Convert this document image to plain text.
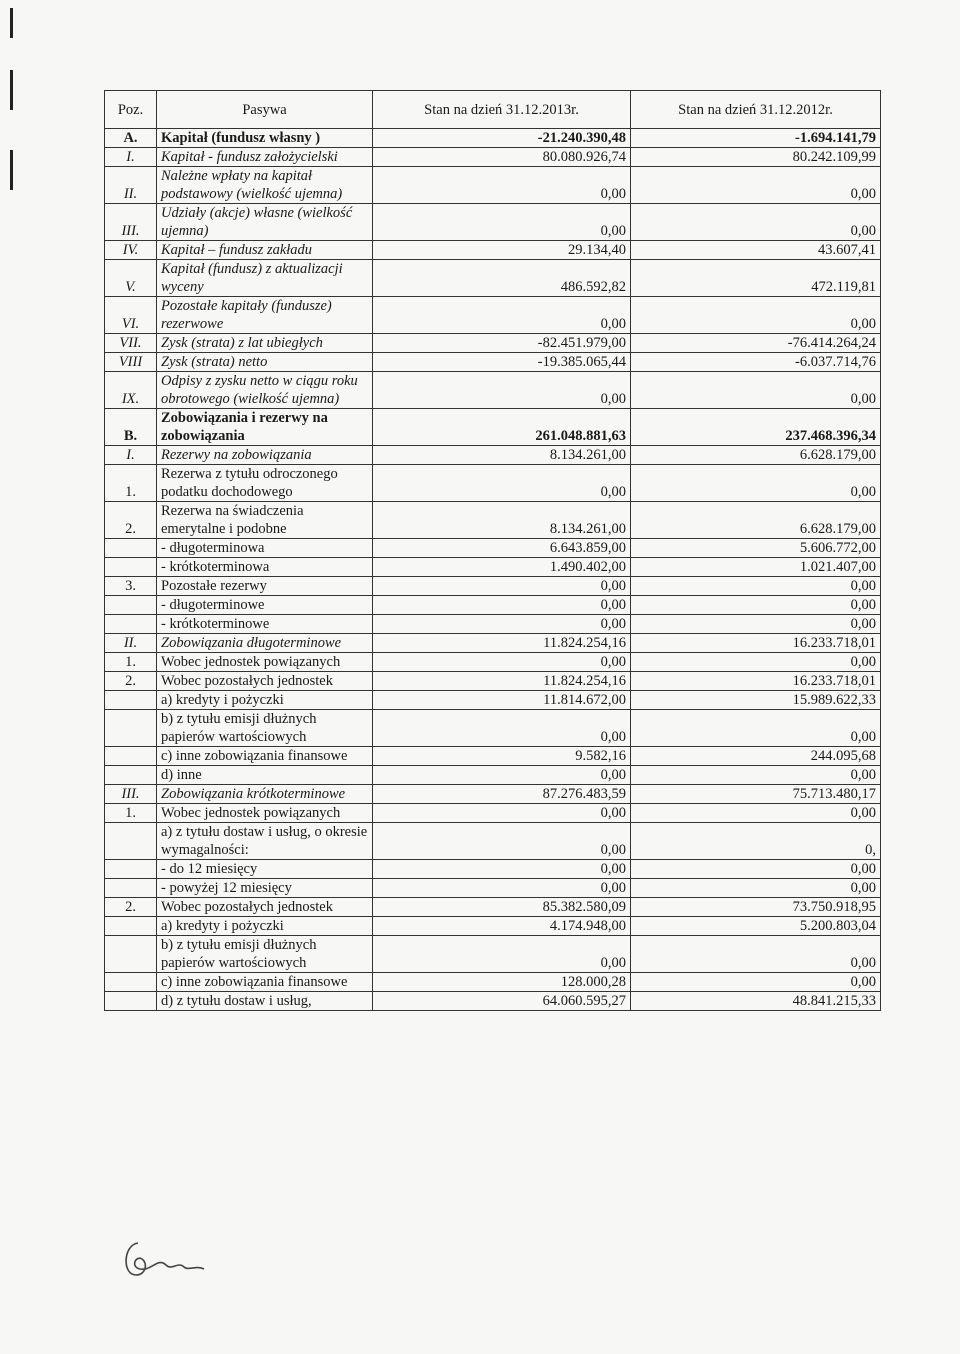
Poz.	Pasywa	Stan na dzień 31.12.2013r.	Stan na dzień 31.12.2012r.
A.	Kapitał (fundusz własny )	-21.240.390,48	-1.694.141,79
I.	Kapitał - fundusz założycielski	80.080.926,74	80.242.109,99
II.	Należne wpłaty na kapitał podstawowy (wielkość ujemna)	0,00	0,00
III.	Udziały (akcje) własne (wielkość ujemna)	0,00	0,00
IV.	Kapitał – fundusz zakładu	29.134,40	43.607,41
V.	Kapitał (fundusz) z aktualizacji wyceny	486.592,82	472.119,81
VI.	Pozostałe kapitały (fundusze) rezerwowe	0,00	0,00
VII.	Zysk (strata) z lat ubiegłych	-82.451.979,00	-76.414.264,24
VIII	Zysk (strata) netto	-19.385.065,44	-6.037.714,76
IX.	Odpisy z zysku netto w ciągu roku obrotowego (wielkość ujemna)	0,00	0,00
B.	Zobowiązania i rezerwy na zobowiązania	261.048.881,63	237.468.396,34
I.	Rezerwy na zobowiązania	8.134.261,00	6.628.179,00
1.	Rezerwa z tytułu odroczonego podatku dochodowego	0,00	0,00
2.	Rezerwa na świadczenia emerytalne i podobne	8.134.261,00	6.628.179,00
	- długoterminowa	6.643.859,00	5.606.772,00
	- krótkoterminowa	1.490.402,00	1.021.407,00
3.	Pozostałe rezerwy	0,00	0,00
	- długoterminowe	0,00	0,00
	- krótkoterminowe	0,00	0,00
II.	Zobowiązania długoterminowe	11.824.254,16	16.233.718,01
1.	Wobec jednostek powiązanych	0,00	0,00
2.	Wobec pozostałych jednostek	11.824.254,16	16.233.718,01
	a) kredyty i pożyczki	11.814.672,00	15.989.622,33
	b) z tytułu emisji dłużnych papierów wartościowych	0,00	0,00
	c) inne zobowiązania finansowe	9.582,16	244.095,68
	d) inne	0,00	0,00
III.	Zobowiązania krótkoterminowe	87.276.483,59	75.713.480,17
1.	Wobec jednostek powiązanych	0,00	0,00
	a) z tytułu dostaw i usług, o okresie wymagalności:	0,00	0,
	- do 12 miesięcy	0,00	0,00
	- powyżej 12 miesięcy	0,00	0,00
2.	Wobec pozostałych jednostek	85.382.580,09	73.750.918,95
	a) kredyty i pożyczki	4.174.948,00	5.200.803,04
	b) z tytułu emisji dłużnych papierów wartościowych	0,00	0,00
	c) inne zobowiązania finansowe	128.000,28	0,00
	d) z tytułu dostaw i usług,	64.060.595,27	48.841.215,33
